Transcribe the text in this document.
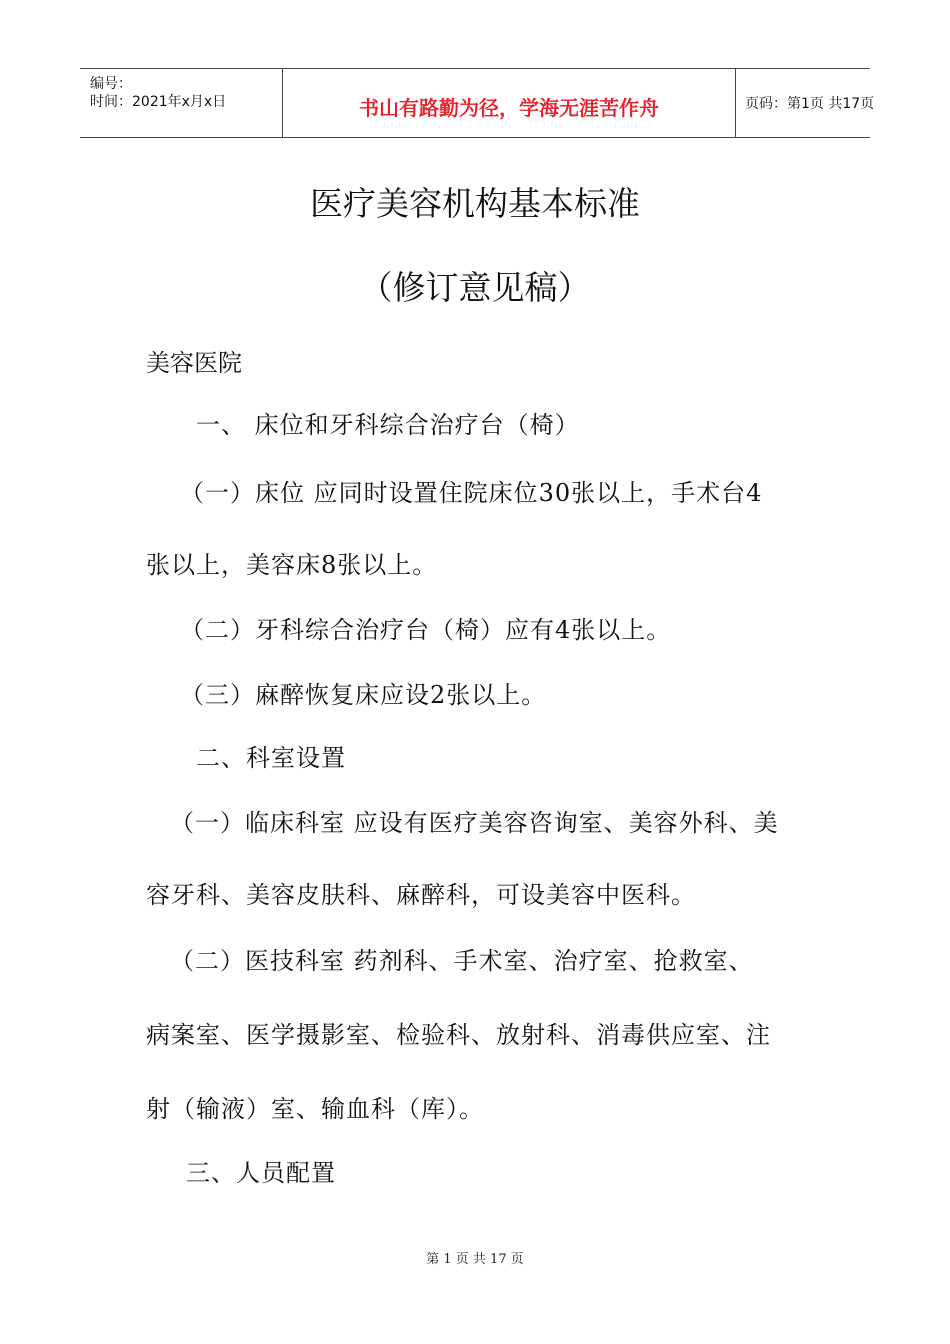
编号：
时间：2021年x月x日	书山有路勤为径，学海无涯苦作舟	页码：第1页 共17页
医疗美容机构基本标准
（修订意见稿）
美容医院
一、 床位和牙科综合治疗台（椅）
（一）床位 应同时设置住院床位30张以上，手术台4
张以上，美容床8张以上。
（二）牙科综合治疗台（椅）应有4张以上。
（三）麻醉恢复床应设2张以上。
二、科室设置
（一）临床科室 应设有医疗美容咨询室、美容外科、美
容牙科、美容皮肤科、麻醉科，可设美容中医科。
（二）医技科室 药剂科、手术室、治疗室、抢救室、
病案室、医学摄影室、检验科、放射科、消毒供应室、注
射（输液）室、输血科（库）。
三、人员配置
第 1 页 共 17 页
